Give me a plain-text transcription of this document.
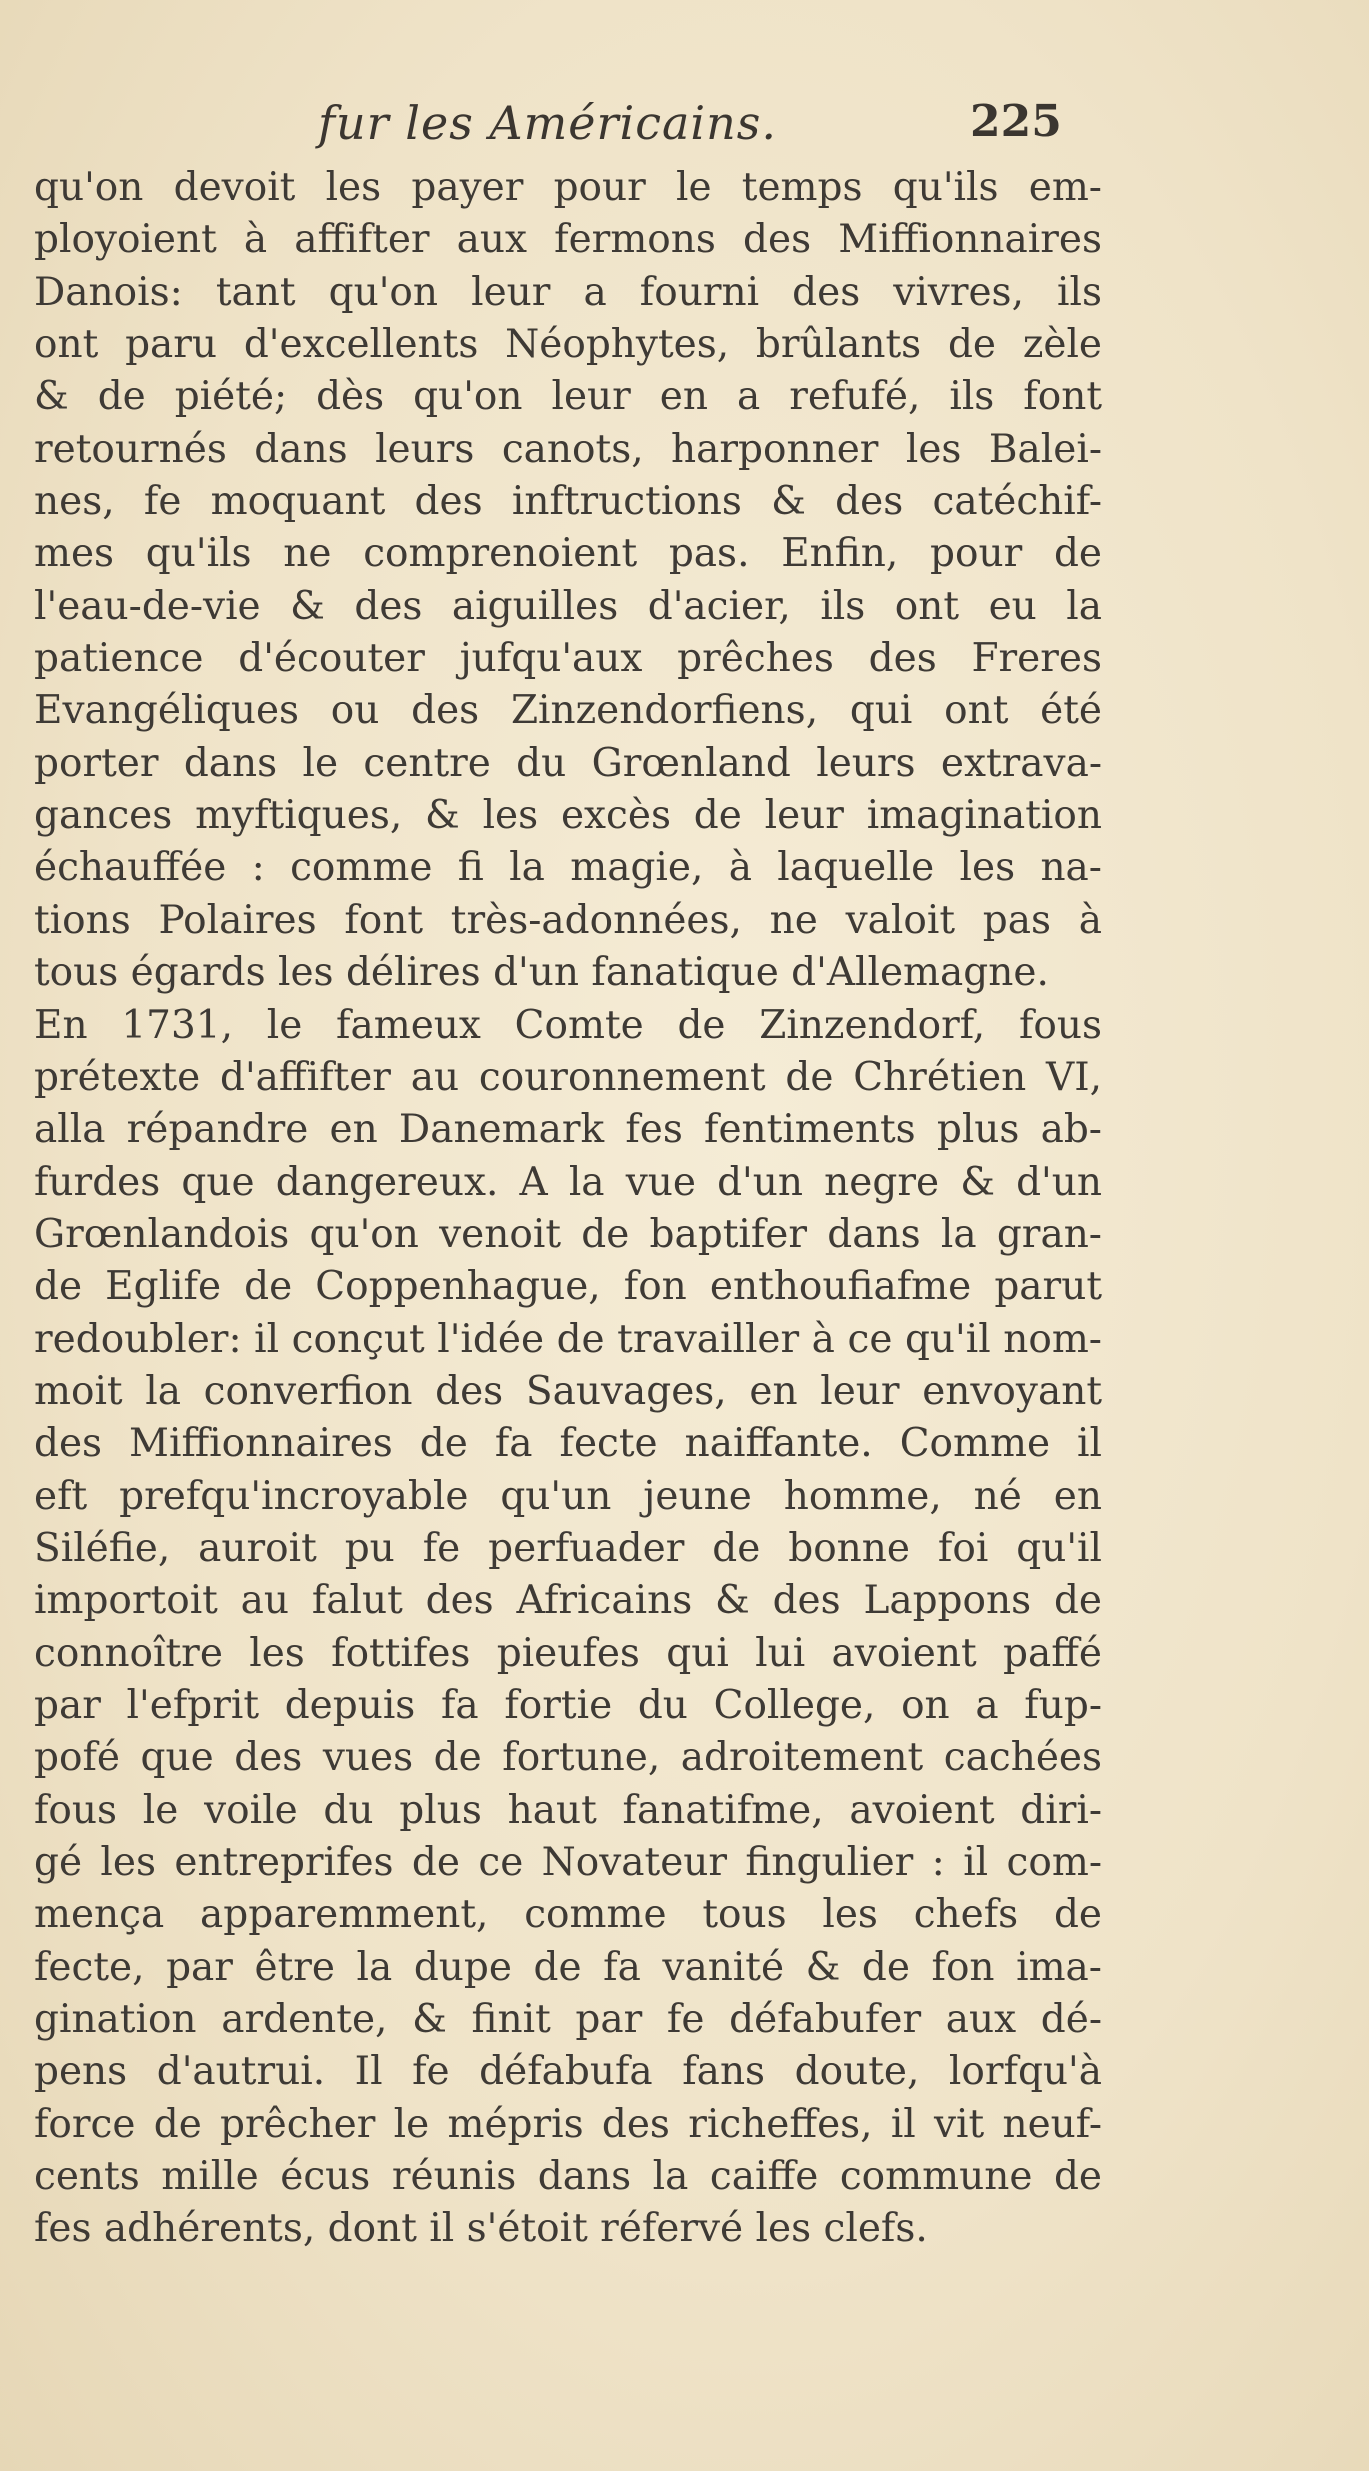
fur les Américains.	225
qu'on devoit les payer pour le temps qu'ils em-
ployoient à affifter aux fermons des Miffionnaires
Danois: tant qu'on leur a fourni des vivres, ils
ont paru d'excellents Néophytes, brûlants de zèle
& de piété; dès qu'on leur en a refufé, ils font
retournés dans leurs canots, harponner les Balei-
nes, fe moquant des inftructions & des catéchif-
mes qu'ils ne comprenoient pas. Enfin, pour de
l'eau-de-vie & des aiguilles d'acier, ils ont eu la
patience d'écouter jufqu'aux prêches des Freres
Evangéliques ou des Zinzendorfiens, qui ont été
porter dans le centre du Grœnland leurs extrava-
gances myftiques, & les excès de leur imagination
échauffée : comme fi la magie, à laquelle les na-
tions Polaires font très-adonnées, ne valoit pas à
tous égards les délires d'un fanatique d'Allemagne.
En 1731, le fameux Comte de Zinzendorf, fous
prétexte d'affifter au couronnement de Chrétien VI,
alla répandre en Danemark fes fentiments plus ab-
furdes que dangereux. A la vue d'un negre & d'un
Grœnlandois qu'on venoit de baptifer dans la gran-
de Eglife de Coppenhague, fon enthoufiafme parut
redoubler: il conçut l'idée de travailler à ce qu'il nom-
moit la converfion des Sauvages, en leur envoyant
des Miffionnaires de fa fecte naiffante. Comme il
eft prefqu'incroyable qu'un jeune homme, né en
Siléfie, auroit pu fe perfuader de bonne foi qu'il
importoit au falut des Africains & des Lappons de
connoître les fottifes pieufes qui lui avoient paffé
par l'efprit depuis fa fortie du College, on a fup-
pofé que des vues de fortune, adroitement cachées
fous le voile du plus haut fanatifme, avoient diri-
gé les entreprifes de ce Novateur fingulier : il com-
mença apparemment, comme tous les chefs de
fecte, par être la dupe de fa vanité & de fon ima-
gination ardente, & finit par fe défabufer aux dé-
pens d'autrui. Il fe défabufa fans doute, lorfqu'à
force de prêcher le mépris des richeffes, il vit neuf-
cents mille écus réunis dans la caiffe commune de
fes adhérents, dont il s'étoit réfervé les clefs.
